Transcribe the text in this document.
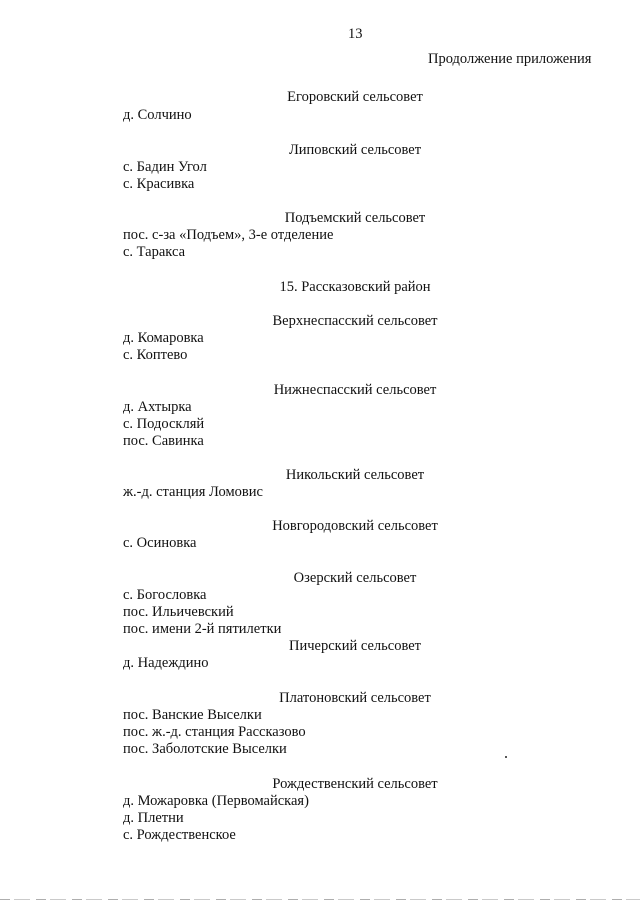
13
Продолжение приложения
Егоровский сельсовет
д. Солчино
Липовский сельсовет
с. Бадин Угол
с. Красивка
Подъемский сельсовет
пос. с-за «Подъем», 3-е отделение
с. Таракса
15. Рассказовский район
Верхнеспасский сельсовет
д. Комаровка
с. Коптево
Нижнеспасский сельсовет
д. Ахтырка
с. Подоскляй
пос. Савинка
Никольский сельсовет
ж.-д. станция Ломовис
Новгородовский сельсовет
с. Осиновка
Озерский сельсовет
с. Богословка
пос. Ильичевский
пос. имени 2-й пятилетки
Пичерский сельсовет
д. Надеждино
Платоновский сельсовет
пос. Ванские Выселки
пос. ж.-д. станция Рассказово
пос. Заболотские Выселки
Рождественский сельсовет
д. Можаровка (Первомайская)
д. Плетни
с. Рождественское
